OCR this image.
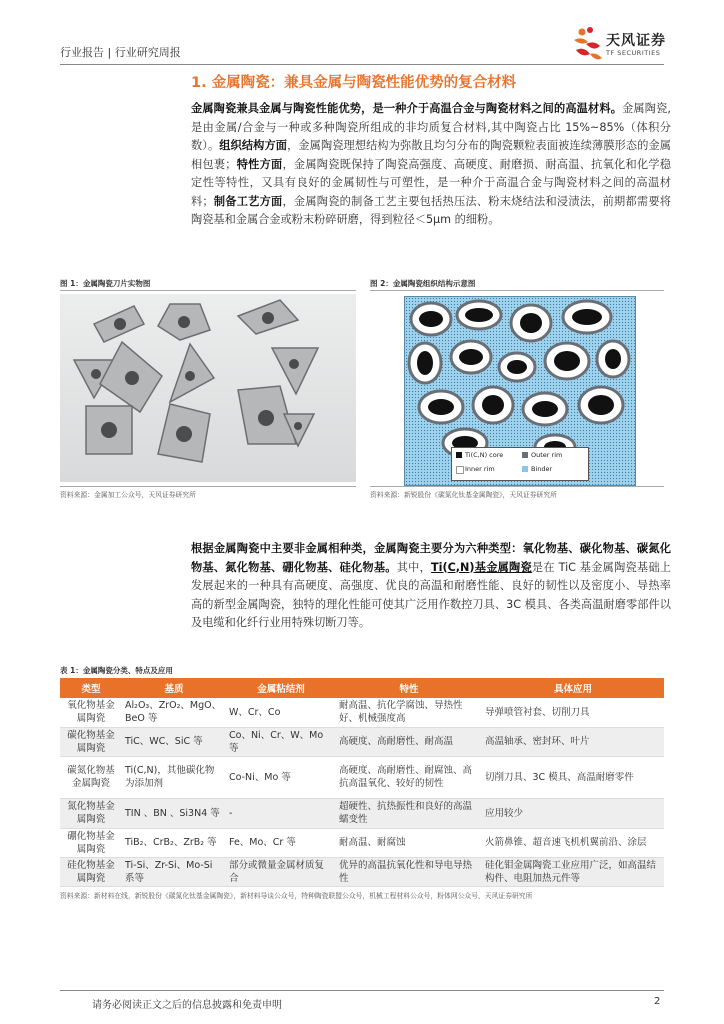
行业报告 | 行业研究周报
天风证券
TF SECURITIES
1. 金属陶瓷：兼具金属与陶瓷性能优势的复合材料
金属陶瓷兼具金属与陶瓷性能优势，是一种介于高温合金与陶瓷材料之间的高温材料。金属陶瓷,是由金属/合金与一种或多种陶瓷所组成的非均质复合材料,其中陶瓷占比 15%~85%（体积分数）。组织结构方面，金属陶瓷理想结构为弥散且均匀分布的陶瓷颗粒表面被连续薄膜形态的金属相包裹；特性方面，金属陶瓷既保持了陶瓷高强度、高硬度、耐磨损、耐高温、抗氧化和化学稳定性等特性，又具有良好的金属韧性与可塑性，是一种介于高温合金与陶瓷材料之间的高温材料；制备工艺方面，金属陶瓷的制备工艺主要包括热压法、粉末烧结法和浸渍法，前期都需要将陶瓷基和金属合金或粉末粉碎研磨，得到粒径＜5μm 的细粉。
图 1：金属陶瓷刀片实物图
资料来源：金属加工公众号，天风证券研究所
图 2：金属陶瓷组织结构示意图
Ti(C,N) core	Outer rim
Inner rim	Binder
资料来源：新锐股份《碳氮化钛基金属陶瓷》，天风证券研究所
根据金属陶瓷中主要非金属相种类，金属陶瓷主要分为六种类型：氧化物基、碳化物基、碳氮化物基、氮化物基、硼化物基、硅化物基。其中，Ti(C,N)基金属陶瓷是在 TiC 基金属陶瓷基础上发展起来的一种具有高硬度、高强度、优良的高温和耐磨性能、良好的韧性以及密度小、导热率高的新型金属陶瓷，独特的理化性能可使其广泛用作数控刀具、3C 模具、各类高温耐磨零部件以及电缆和化纤行业用特殊切断刀等。
表 1：金属陶瓷分类、特点及应用
类型	基质	金属粘结剂	特性	具体应用
氧化物基金属陶瓷	Al₂O₃、ZrO₂、MgO、BeO 等	W、Cr、Co	耐高温、抗化学腐蚀、导热性好、机械强度高	导弹喷管衬套、切削刀具
碳化物基金属陶瓷	TiC、WC、SiC 等	Co、Ni、Cr、W、Mo 等	高硬度、高耐磨性、耐高温	高温轴承、密封环、叶片
碳氮化物基金属陶瓷	Ti(C,N)，其他碳化物为添加剂	Co-Ni、Mo 等	高硬度、高耐磨性、耐腐蚀、高抗高温氧化、较好的韧性	切削刀具、3C 模具、高温耐磨零件
氮化物基金属陶瓷	TIN 、BN 、Si3N4 等	-	超硬性、抗热振性和良好的高温蠕变性	应用较少
硼化物基金属陶瓷	TiB₂、CrB₂、ZrB₂ 等	Fe、Mo、Cr 等	耐高温、耐腐蚀	火箭鼻锥、超音速飞机机翼前沿、涂层
硅化物基金属陶瓷	Ti-Si、Zr-Si、Mo-Si 系等	部分或微量金属材质复合	优异的高温抗氧化性和导电导热性	硅化钼金属陶瓷工业应用广泛，如高温结构件、电阻加热元件等
资料来源：新材料在线，新锐股份《碳氮化钛基金属陶瓷》，新材料导谈公众号，特种陶瓷联盟公众号，机械工程材料公众号，粉体网公众号，天风证券研究所
请务必阅读正文之后的信息披露和免责申明	2
